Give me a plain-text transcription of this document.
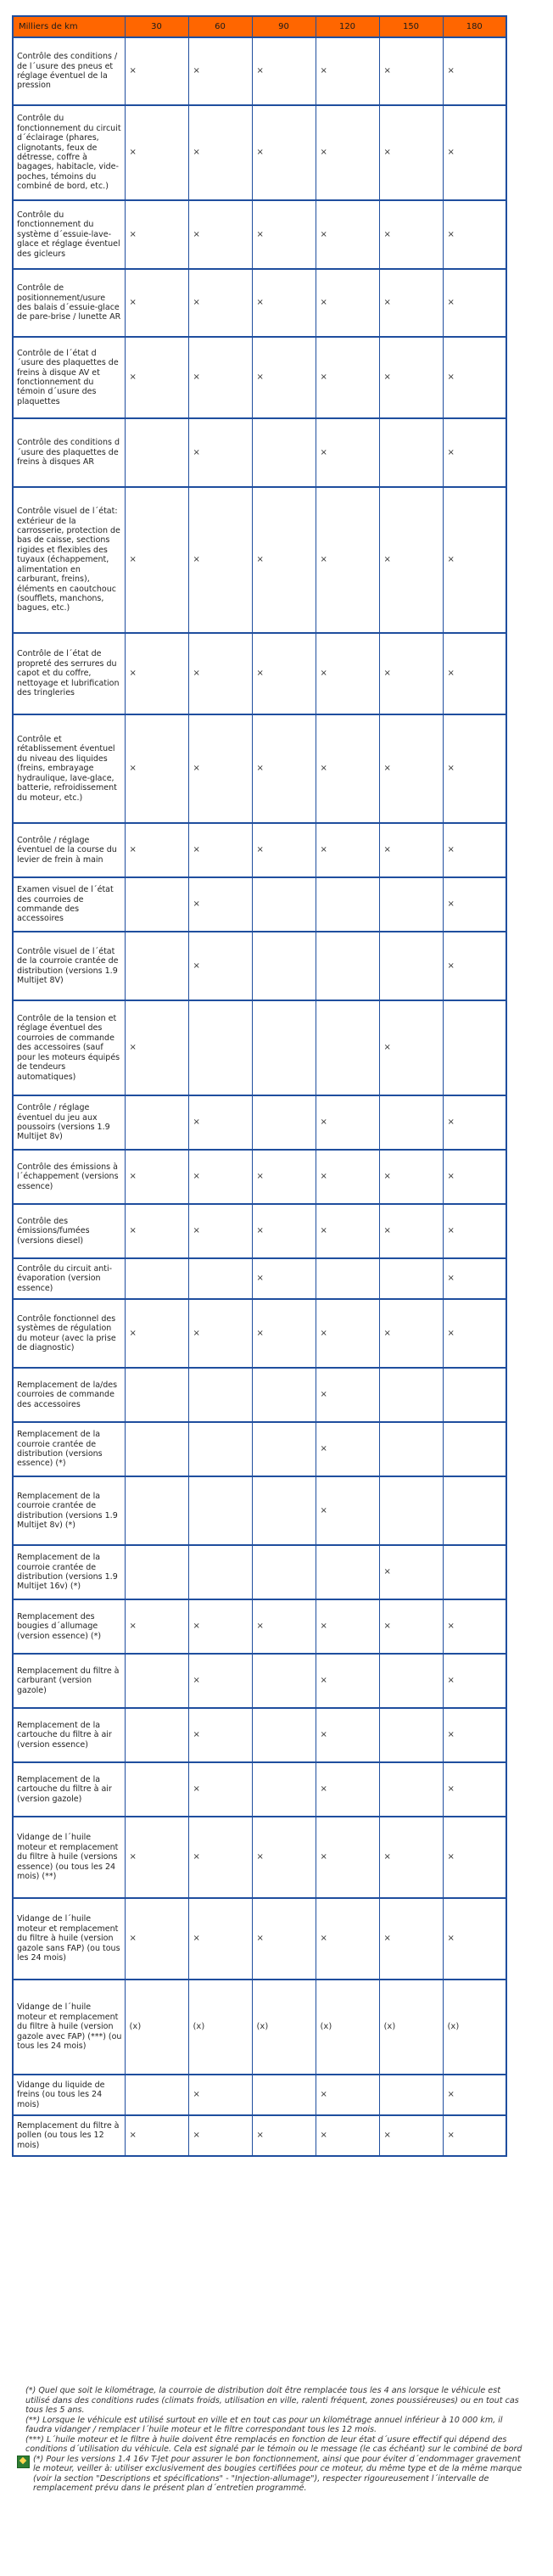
Milliers de km	30	60	90	120	150	180
Contrôle des conditions / de l´usure des pneus et réglage éventuel de la pression	×	×	×	×	×	×
Contrôle du fonctionnement du circuit d´éclairage (phares, clignotants, feux de détresse, coffre à bagages, habitacle, vide-poches, témoins du combiné de bord, etc.)	×	×	×	×	×	×
Contrôle du fonctionnement du système d´essuie-lave-glace et réglage éventuel des gicleurs	×	×	×	×	×	×
Contrôle de positionnement/usure des balais d´essuie-glace de pare-brise / lunette AR	×	×	×	×	×	×
Contrôle de l´état d´usure des plaquettes de freins à disque AV et fonctionnement du témoin d´usure des plaquettes	×	×	×	×	×	×
Contrôle des conditions d´usure des plaquettes de freins à disques AR		×		×		×
Contrôle visuel de l´état: extérieur de la carrosserie, protection de bas de caisse, sections rigides et flexibles des tuyaux (échappement, alimentation en carburant, freins), éléments en caoutchouc (soufflets, manchons, bagues, etc.)	×	×	×	×	×	×
Contrôle de l´état de propreté des serrures du capot et du coffre, nettoyage et lubrification des tringleries	×	×	×	×	×	×
Contrôle et rétablissement éventuel du niveau des liquides (freins, embrayage hydraulique, lave-glace, batterie, refroidissement du moteur, etc.)	×	×	×	×	×	×
Contrôle / réglage éventuel de la course du levier de frein à main	×	×	×	×	×	×
Examen visuel de l´état des courroies de commande des accessoires		×				×
Contrôle visuel de l´état de la courroie crantée de distribution (versions 1.9 Multijet 8V)		×				×
Contrôle de la tension et réglage éventuel des courroies de commande des accessoires (sauf pour les moteurs équipés de tendeurs automatiques)	×				×	
Contrôle / réglage éventuel du jeu aux poussoirs (versions 1.9 Multijet 8v)		×		×		×
Contrôle des émissions à l´échappement (versions essence)	×	×	×	×	×	×
Contrôle des émissions/fumées (versions diesel)	×	×	×	×	×	×
Contrôle du circuit anti-évaporation (version essence)			×			×
Contrôle fonctionnel des systèmes de régulation du moteur (avec la prise de diagnostic)	×	×	×	×	×	×
Remplacement de la/des courroies de commande des accessoires				×		
Remplacement de la courroie crantée de distribution (versions essence) (*)				×		
Remplacement de la courroie crantée de distribution (versions 1.9 Multijet 8v) (*)				×		
Remplacement de la courroie crantée de distribution (versions 1.9 Multijet 16v) (*)					×	
Remplacement des bougies d´allumage (version essence) (*)	×	×	×	×	×	×
Remplacement du filtre à carburant (version gazole)		×		×		×
Remplacement de la cartouche du filtre à air (version essence)		×		×		×
Remplacement de la cartouche du filtre à air (version gazole)		×		×		×
Vidange de l´huile moteur et remplacement du filtre à huile (versions essence) (ou tous les 24 mois) (**)	×	×	×	×	×	×
Vidange de l´huile moteur et remplacement du filtre à huile (version gazole sans FAP) (ou tous les 24 mois)	×	×	×	×	×	×
Vidange de l´huile moteur et remplacement du filtre à huile (version gazole avec FAP) (***) (ou tous les 24 mois)	(x)	(x)	(x)	(x)	(x)	(x)
Vidange du liquide de freins (ou tous les 24 mois)		×		×		×
Remplacement du filtre à pollen (ou tous les 12 mois)	×	×	×	×	×	×
(*) Quel que soit le kilométrage, la courroie de distribution doit être remplacée tous les 4 ans lorsque le véhicule est utilisé dans des conditions rudes (climats froids, utilisation en ville, ralenti fréquent, zones poussiéreuses) ou en tout cas tous les 5 ans.
(**) Lorsque le véhicule est utilisé surtout en ville et en tout cas pour un kilométrage annuel inférieur à 10 000 km, il faudra vidanger / remplacer l´huile moteur et le filtre correspondant tous les 12 mois.
(***) L´huile moteur et le filtre à huile doivent être remplacés en fonction de leur état d´usure effectif qui dépend des conditions d´utilisation du véhicule. Cela est signalé par le témoin ou le message (le cas échéant) sur le combiné de bord
(*) Pour les versions 1.4 16v T-Jet pour assurer le bon fonctionnement, ainsi que pour éviter d´endommager gravement le moteur, veiller à: utiliser exclusivement des bougies certifiées pour ce moteur, du même type et de la même marque (voir la section "Descriptions et spécifications" - "Injection-allumage"), respecter rigoureusement l´intervalle de remplacement prévu dans le présent plan d´entretien programmé.
